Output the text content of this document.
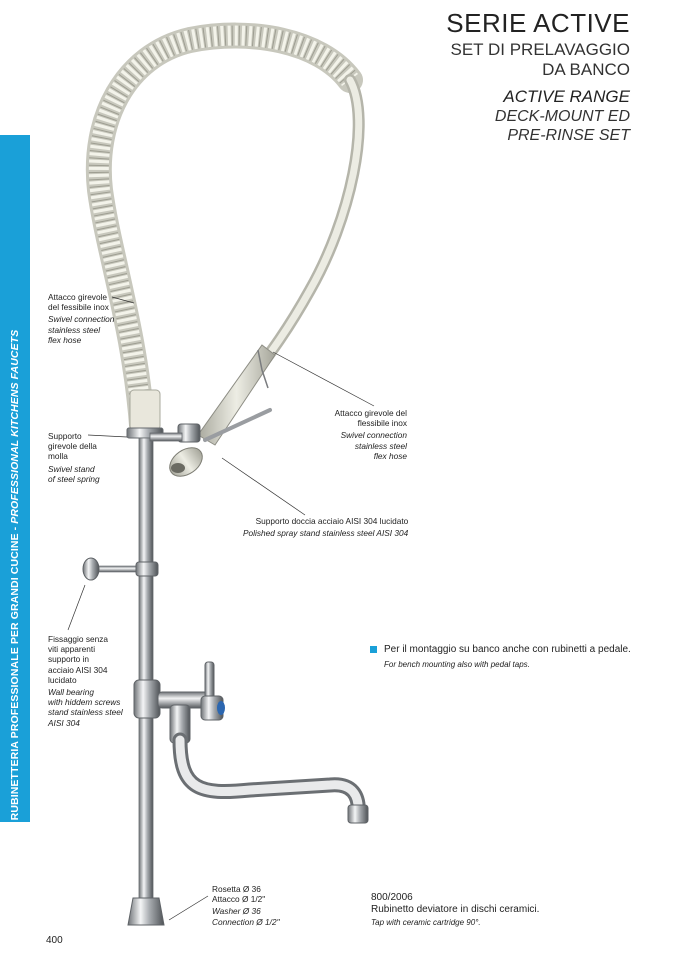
RUBINETTERIA PROFESSIONALE PER GRANDI CUCINE - PROFESSIONAL KITCHENS FAUCETS
SERIE ACTIVE
SET DI PRELAVAGGIO
DA BANCO
ACTIVE RANGE
DECK-MOUNT ED
PRE-RINSE SET
Attacco girevole
del fessibile inox
Swivel connection
stainless steel
flex hose
Attacco girevole del
flessibile inox
Swivel connection
stainless steel
flex hose
Supporto
girevole della
molla
Swivel stand
of steel spring
Supporto doccia acciaio AISI 304 lucidato
Polished spray stand stainless steel AISI 304
Fissaggio senza
viti apparenti
supporto in
acciaio AISI 304
lucidato
Wall bearing
with hiddem screws
stand stainless steel
AISI 304
Rosetta Ø 36
Attacco Ø 1/2"
Washer Ø 36
Connection Ø 1/2"
Per il montaggio su banco anche con rubinetti a pedale.
For bench mounting also with pedal taps.
800/2006
Rubinetto deviatore in dischi ceramici.
Tap with ceramic cartridge 90°.
400
